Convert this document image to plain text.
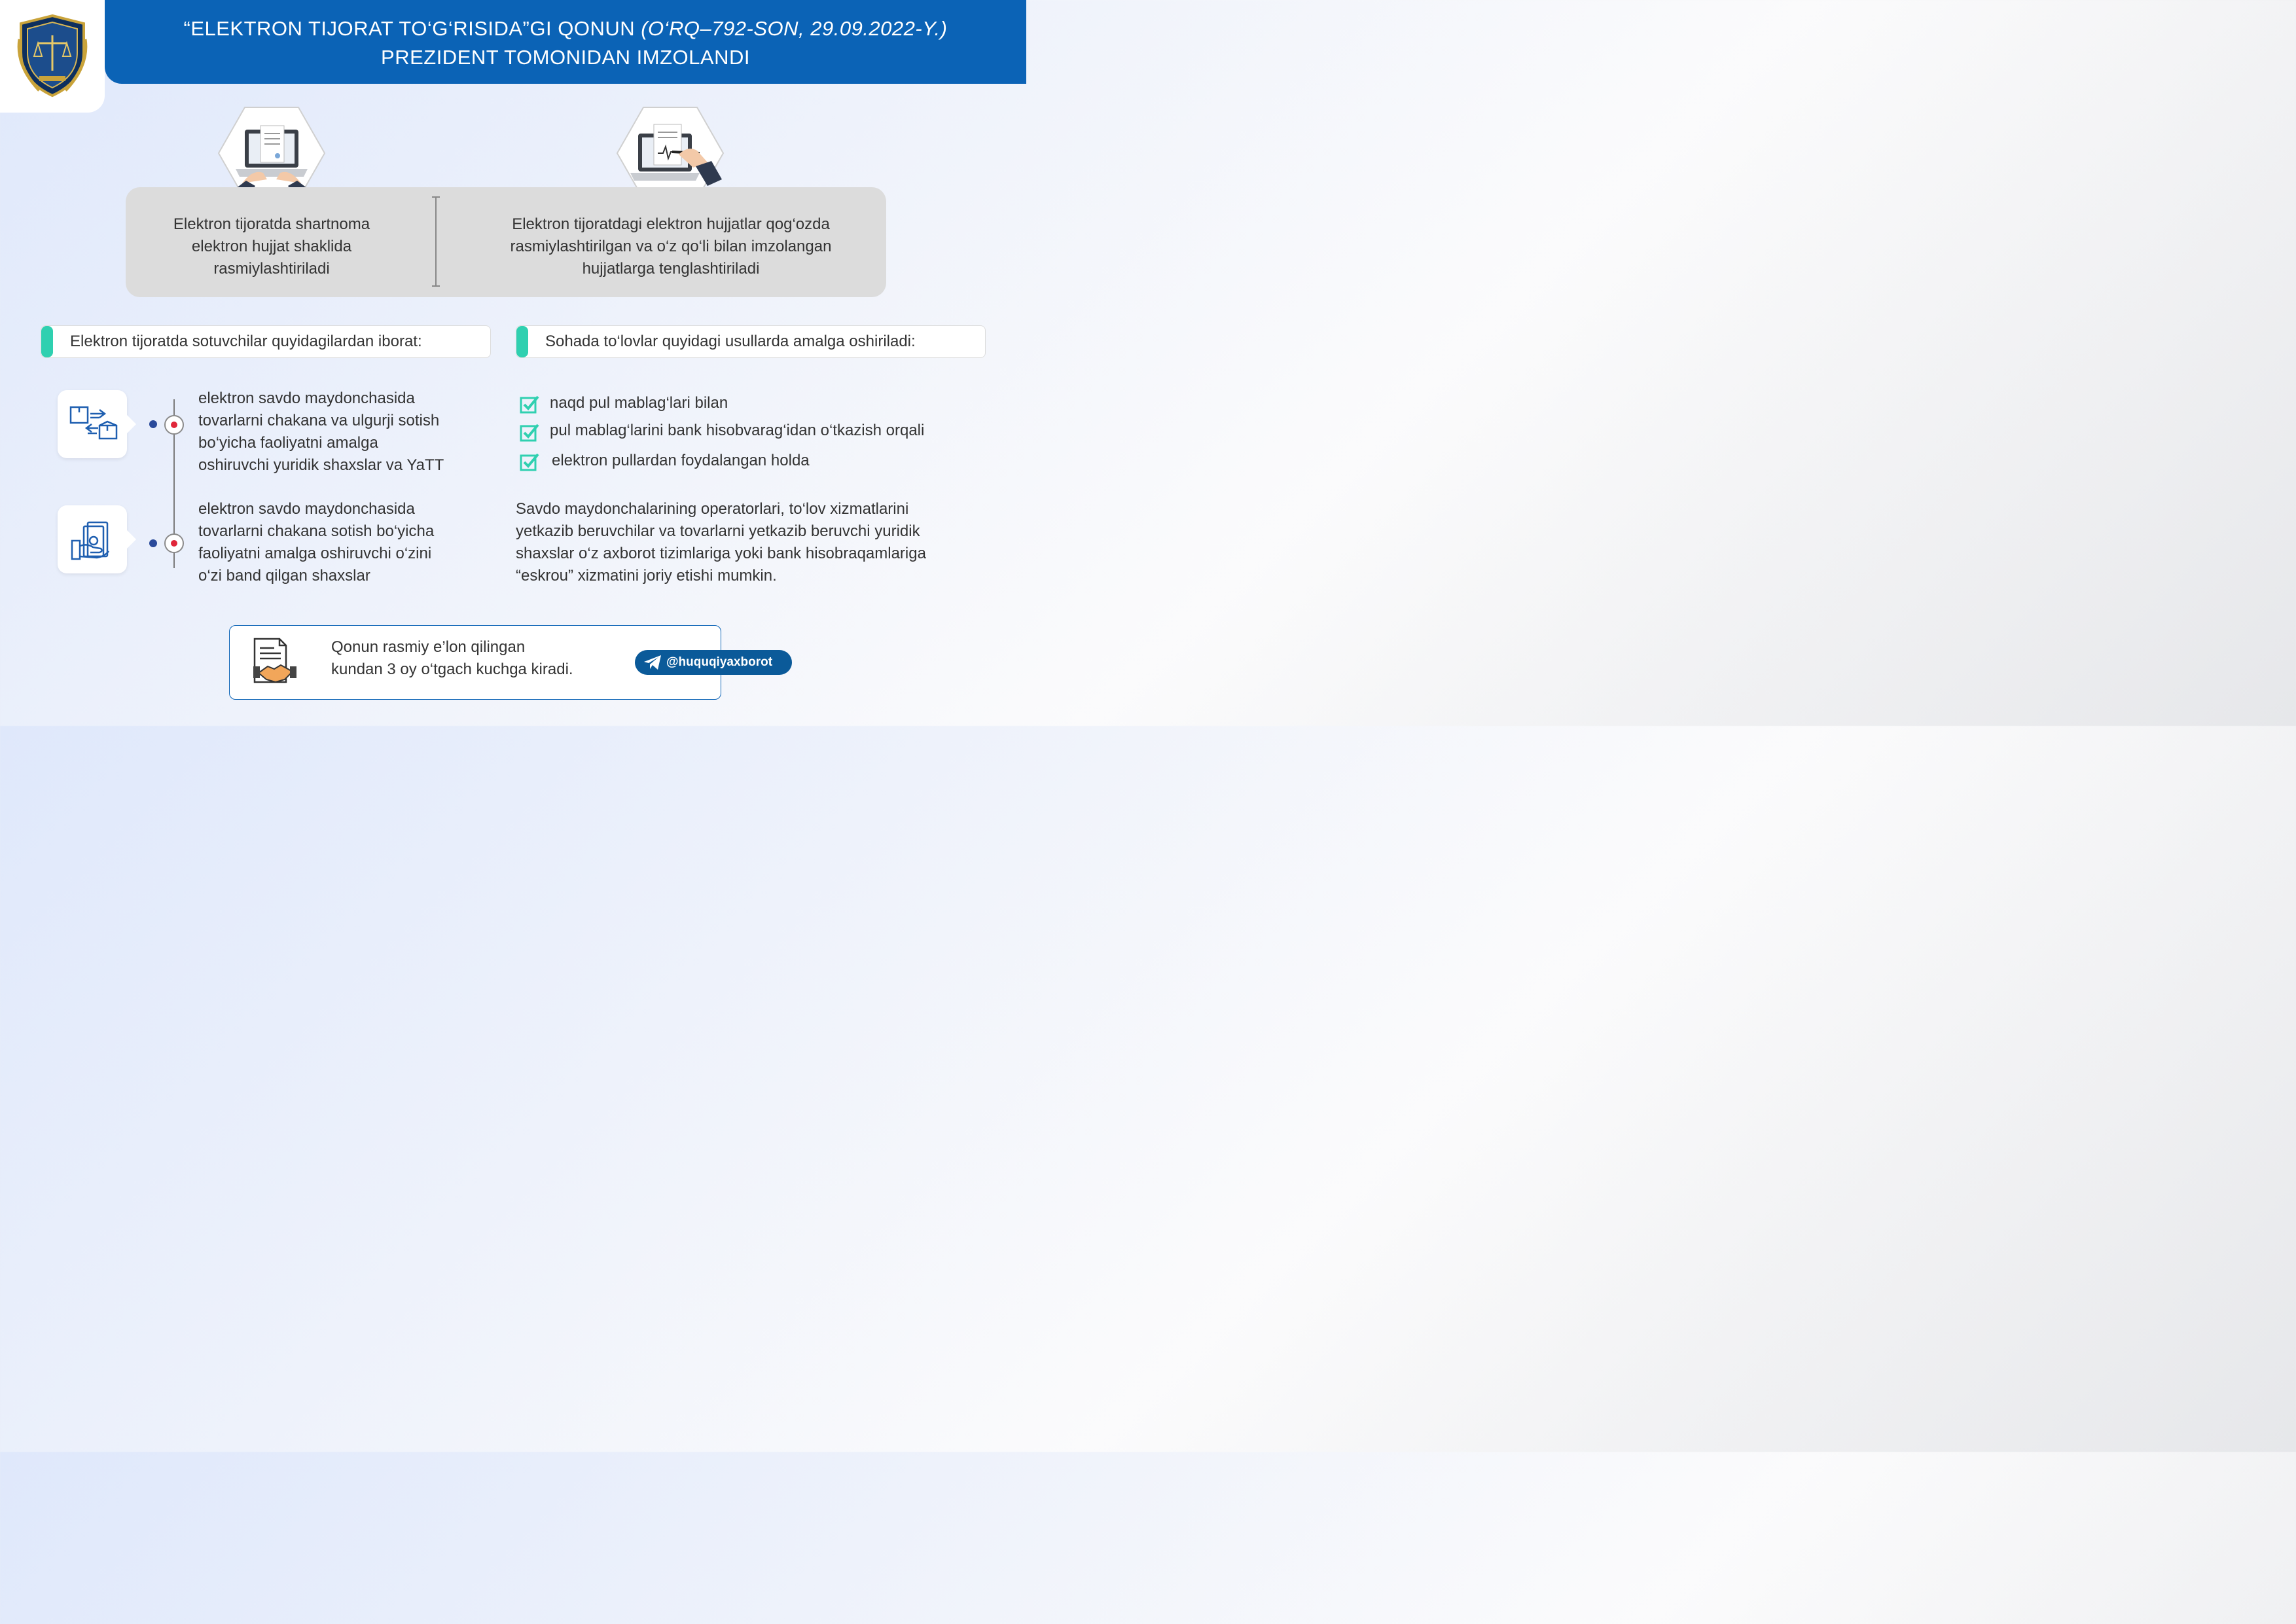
“ELEKTRON TIJORAT TO‘G‘RISIDA”GI QONUN (O‘RQ–792-SON, 29.09.2022-Y.)
PREZIDENT TOMONIDAN IMZOLANDI
Elektron tijoratda shartnoma
elektron hujjat shaklida
rasmiylashtiriladi
Elektron tijoratdagi elektron hujjatlar qog‘ozda
rasmiylashtirilgan va o‘z qo‘li bilan imzolangan
hujjatlarga tenglashtiriladi
Elektron tijoratda sotuvchilar quyidagilardan iborat:	Sohada to‘lovlar quyidagi usullarda amalga oshiriladi:
elektron savdo maydonchasida
tovarlarni chakana va ulgurji sotish
bo‘yicha faoliyatni amalga
oshiruvchi yuridik shaxslar va YaTT
elektron savdo maydonchasida
tovarlarni chakana sotish bo‘yicha
faoliyatni amalga oshiruvchi o‘zini
o‘zi band qilgan shaxslar
naqd pul mablag‘lari bilan
pul mablag‘larini bank hisobvarag‘idan o‘tkazish orqali
elektron pullardan foydalangan holda
Savdo maydonchalarining operatorlari, to‘lov xizmatlarini
yetkazib beruvchilar va tovarlarni yetkazib beruvchi yuridik
shaxslar o‘z axborot tizimlariga yoki bank hisobraqamlariga
“eskrou” xizmatini joriy etishi mumkin.
Qonun rasmiy e’lon qilingan
kundan 3 oy o‘tgach kuchga kiradi.	@huquqiyaxborot
